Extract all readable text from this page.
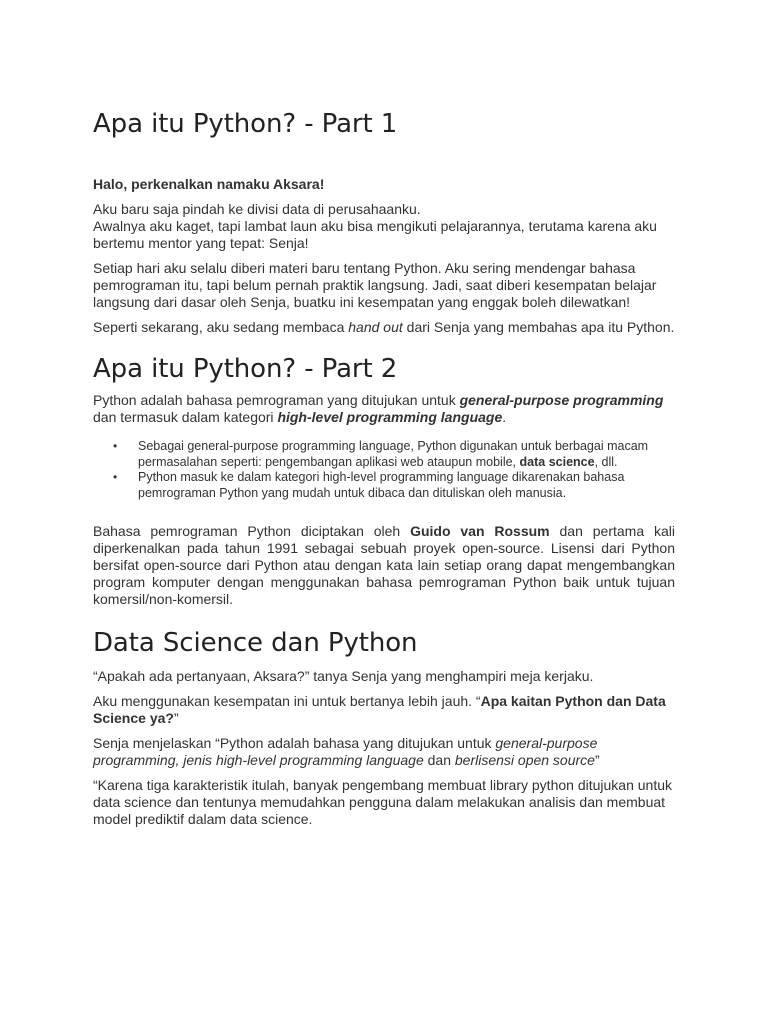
Apa itu Python? - Part 1

Halo, perkenalkan namaku Aksara!

Aku baru saja pindah ke divisi data di perusahaanku.
Awalnya aku kaget, tapi lambat laun aku bisa mengikuti pelajarannya, terutama karena aku bertemu mentor yang tepat: Senja!

Setiap hari aku selalu diberi materi baru tentang Python. Aku sering mendengar bahasa pemrograman itu, tapi belum pernah praktik langsung. Jadi, saat diberi kesempatan belajar langsung dari dasar oleh Senja, buatku ini kesempatan yang enggak boleh dilewatkan!

Seperti sekarang, aku sedang membaca hand out dari Senja yang membahas apa itu Python.

Apa itu Python? - Part 2

Python adalah bahasa pemrograman yang ditujukan untuk general-purpose programming dan termasuk dalam kategori high-level programming language.

• Sebagai general-purpose programming language, Python digunakan untuk berbagai macam permasalahan seperti: pengembangan aplikasi web ataupun mobile, data science, dll.
• Python masuk ke dalam kategori high-level programming language dikarenakan bahasa pemrograman Python yang mudah untuk dibaca dan dituliskan oleh manusia.

Bahasa pemrograman Python diciptakan oleh Guido van Rossum dan pertama kali diperkenalkan pada tahun 1991 sebagai sebuah proyek open-source. Lisensi dari Python bersifat open-source dari Python atau dengan kata lain setiap orang dapat mengembangkan program komputer dengan menggunakan bahasa pemrograman Python baik untuk tujuan komersil/non-komersil.

Data Science dan Python

“Apakah ada pertanyaan, Aksara?” tanya Senja yang menghampiri meja kerjaku.

Aku menggunakan kesempatan ini untuk bertanya lebih jauh. “Apa kaitan Python dan Data Science ya?”

Senja menjelaskan “Python adalah bahasa yang ditujukan untuk general-purpose programming, jenis high-level programming language dan berlisensi open source”

“Karena tiga karakteristik itulah, banyak pengembang membuat library python ditujukan untuk data science dan tentunya memudahkan pengguna dalam melakukan analisis dan membuat model prediktif dalam data science.
